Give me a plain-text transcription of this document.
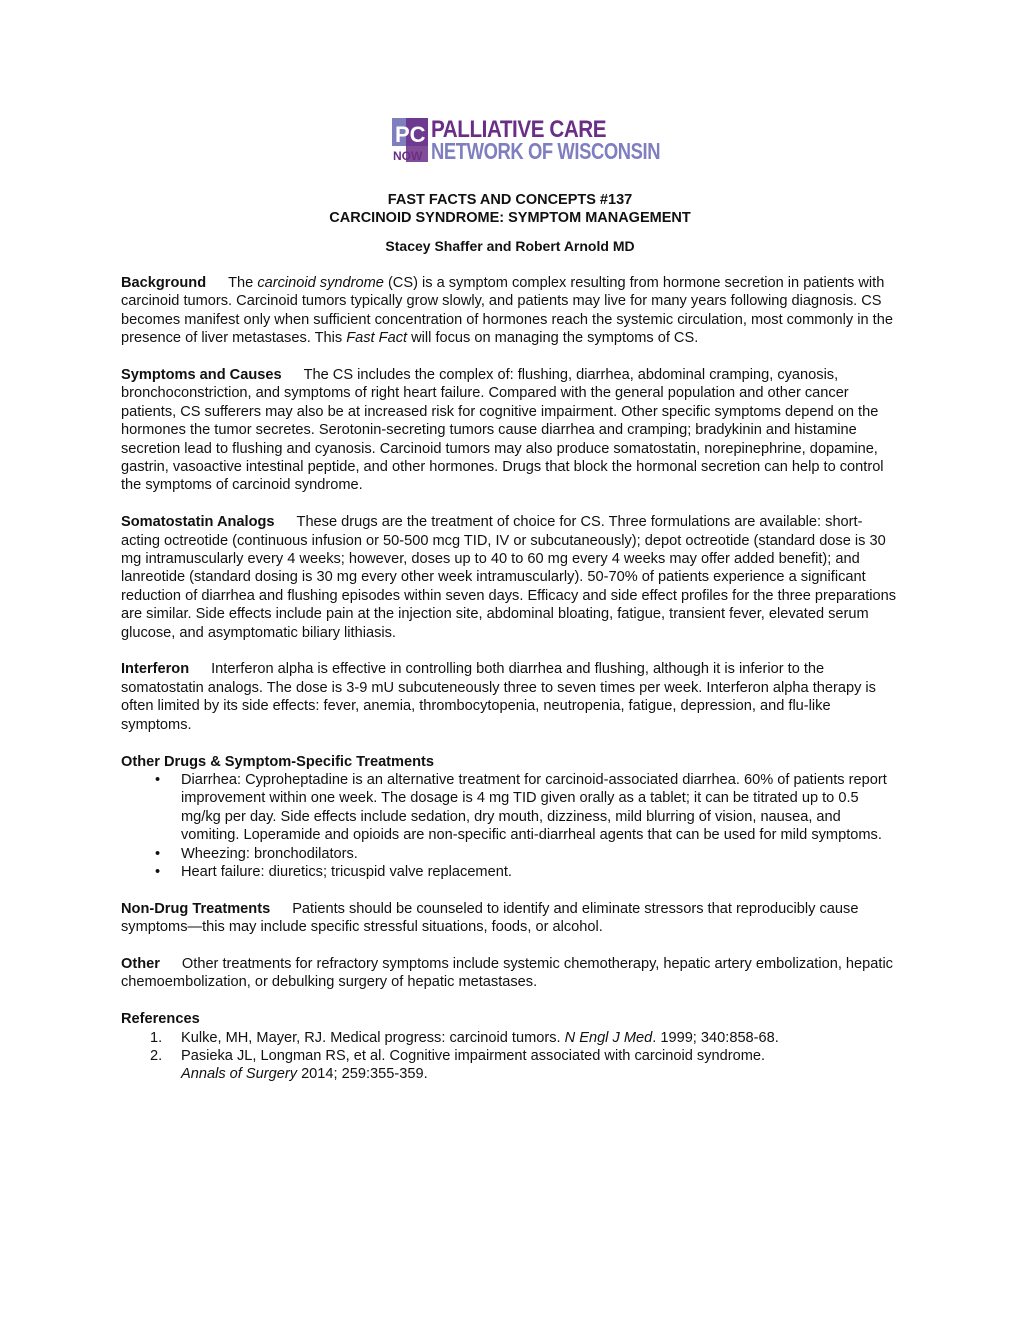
PC
NOW
PALLIATIVE CARE
NETWORK OF WISCONSIN
FAST FACTS AND CONCEPTS #137
CARCINOID SYNDROME: SYMPTOM MANAGEMENT
Stacey Shaffer and Robert Arnold MD

Background The carcinoid syndrome (CS) is a symptom complex resulting from hormone secretion in patients with carcinoid tumors. Carcinoid tumors typically grow slowly, and patients may live for many years following diagnosis. CS becomes manifest only when sufficient concentration of hormones reach the systemic circulation, most commonly in the presence of liver metastases. This Fast Fact will focus on managing the symptoms of CS.

Symptoms and Causes The CS includes the complex of: flushing, diarrhea, abdominal cramping, cyanosis, bronchoconstriction, and symptoms of right heart failure. Compared with the general population and other cancer patients, CS sufferers may also be at increased risk for cognitive impairment. Other specific symptoms depend on the hormones the tumor secretes. Serotonin-secreting tumors cause diarrhea and cramping; bradykinin and histamine secretion lead to flushing and cyanosis. Carcinoid tumors may also produce somatostatin, norepinephrine, dopamine, gastrin, vasoactive intestinal peptide, and other hormones. Drugs that block the hormonal secretion can help to control the symptoms of carcinoid syndrome.

Somatostatin Analogs These drugs are the treatment of choice for CS. Three formulations are available: short-acting octreotide (continuous infusion or 50-500 mcg TID, IV or subcutaneously); depot octreotide (standard dose is 30 mg intramuscularly every 4 weeks; however, doses up to 40 to 60 mg every 4 weeks may offer added benefit); and lanreotide (standard dosing is 30 mg every other week intramuscularly). 50-70% of patients experience a significant reduction of diarrhea and flushing episodes within seven days. Efficacy and side effect profiles for the three preparations are similar. Side effects include pain at the injection site, abdominal bloating, fatigue, transient fever, elevated serum glucose, and asymptomatic biliary lithiasis.

Interferon Interferon alpha is effective in controlling both diarrhea and flushing, although it is inferior to the somatostatin analogs. The dose is 3-9 mU subcuteneously three to seven times per week. Interferon alpha therapy is often limited by its side effects: fever, anemia, thrombocytopenia, neutropenia, fatigue, depression, and flu-like symptoms.

Other Drugs & Symptom-Specific Treatments
• Diarrhea: Cyproheptadine is an alternative treatment for carcinoid-associated diarrhea. 60% of patients report improvement within one week. The dosage is 4 mg TID given orally as a tablet; it can be titrated up to 0.5 mg/kg per day. Side effects include sedation, dry mouth, dizziness, mild blurring of vision, nausea, and vomiting. Loperamide and opioids are non-specific anti-diarrheal agents that can be used for mild symptoms.
• Wheezing: bronchodilators.
• Heart failure: diuretics; tricuspid valve replacement.

Non-Drug Treatments Patients should be counseled to identify and eliminate stressors that reproducibly cause symptoms—this may include specific stressful situations, foods, or alcohol.

Other Other treatments for refractory symptoms include systemic chemotherapy, hepatic artery embolization, hepatic chemoembolization, or debulking surgery of hepatic metastases.

References
1. Kulke, MH, Mayer, RJ. Medical progress: carcinoid tumors. N Engl J Med. 1999; 340:858-68.
2. Pasieka JL, Longman RS, et al. Cognitive impairment associated with carcinoid syndrome.
Annals of Surgery 2014; 259:355-359.
